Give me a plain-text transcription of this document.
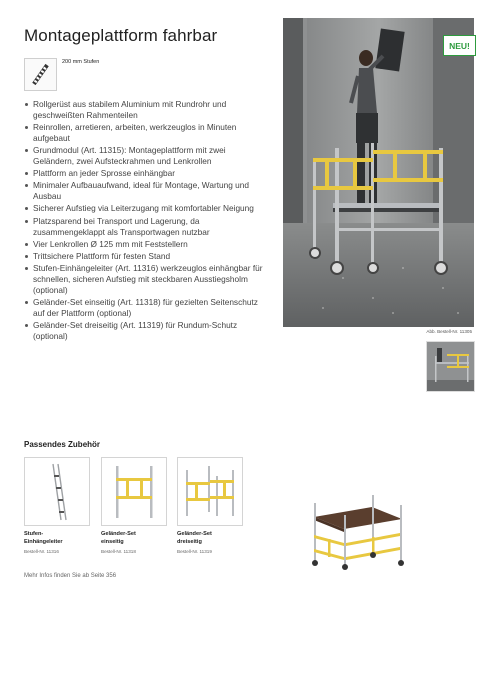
Montageplattform fahrbar
200 mm Stufen
Rollgerüst aus stabilem Aluminium mit Rundrohr und geschweißten Rahmenteilen
Reinrollen, arretieren, arbeiten, werkzeuglos in Minuten aufgebaut
Grundmodul (Art. 11315): Montageplattform mit zwei Geländern, zwei Aufsteckrahmen und Lenkrollen
Plattform an jeder Sprosse einhängbar
Minimaler Aufbauaufwand, ideal für Montage, Wartung und Ausbau
Sicherer Aufstieg via Leiterzugang mit komfortabler Neigung
Platzsparend bei Transport und Lagerung, da zusammengeklappt als Transportwagen nutzbar
Vier Lenkrollen Ø 125 mm mit Feststellern
Trittsichere Plattform für festen Stand
Stufen-Einhängeleiter (Art. 11316) werkzeuglos einhängbar für schnellen, sicheren Aufstieg mit steckbaren Ausstiegsholm (optional)
Geländer-Set einseitig (Art. 11318) für gezielten Seitenschutz auf der Plattform (optional)
Geländer-Set dreiseitig (Art. 11319) für Rundum-Schutz (optional)
NEU!
Abb. Bestell-Nr. 11305
Passendes Zubehör
Stufen-
Einhängeleiter
Bestell-Nr. 11316
Geländer-Set
einseitig
Bestell-Nr. 11318
Geländer-Set
dreiseitig
Bestell-Nr. 11319
Mehr Infos finden Sie ab Seite 356
